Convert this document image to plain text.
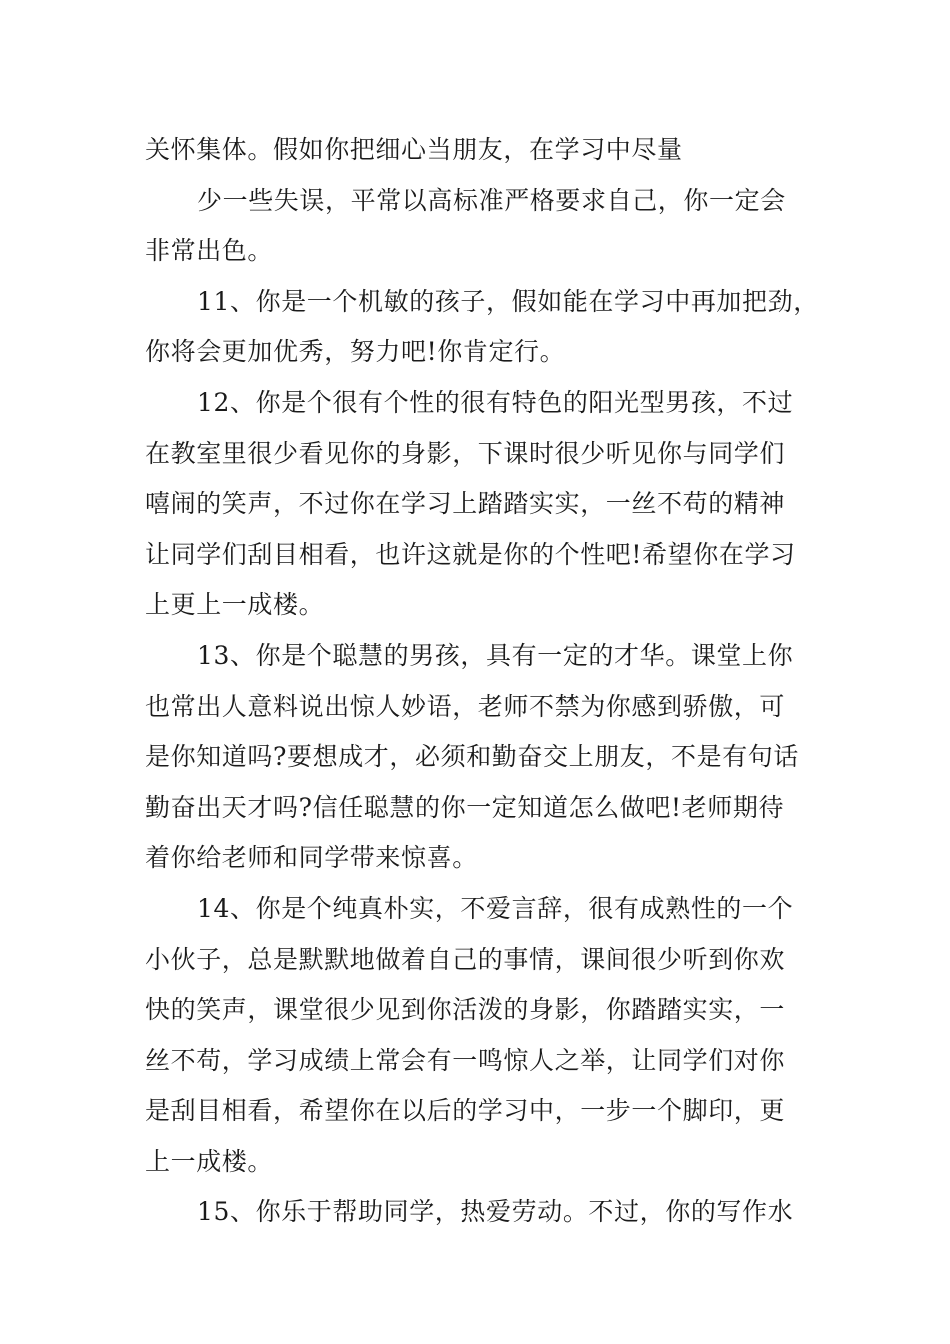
关怀集体。假如你把细心当朋友，在学习中尽量
少一些失误，平常以高标准严格要求自己，你一定会
非常出色。
11、你是一个机敏的孩子，假如能在学习中再加把劲，
你将会更加优秀，努力吧!你肯定行。
12、你是个很有个性的很有特色的阳光型男孩，不过
在教室里很少看见你的身影，下课时很少听见你与同学们
嘻闹的笑声，不过你在学习上踏踏实实，一丝不苟的精神
让同学们刮目相看，也许这就是你的个性吧!希望你在学习
上更上一成楼。
13、你是个聪慧的男孩，具有一定的才华。课堂上你
也常出人意料说出惊人妙语，老师不禁为你感到骄傲，可
是你知道吗?要想成才，必须和勤奋交上朋友，不是有句话
勤奋出天才吗?信任聪慧的你一定知道怎么做吧!老师期待
着你给老师和同学带来惊喜。
14、你是个纯真朴实，不爱言辞，很有成熟性的一个
小伙子，总是默默地做着自己的事情，课间很少听到你欢
快的笑声，课堂很少见到你活泼的身影，你踏踏实实，一
丝不苟，学习成绩上常会有一鸣惊人之举，让同学们对你
是刮目相看，希望你在以后的学习中，一步一个脚印，更
上一成楼。
15、你乐于帮助同学，热爱劳动。不过，你的写作水
